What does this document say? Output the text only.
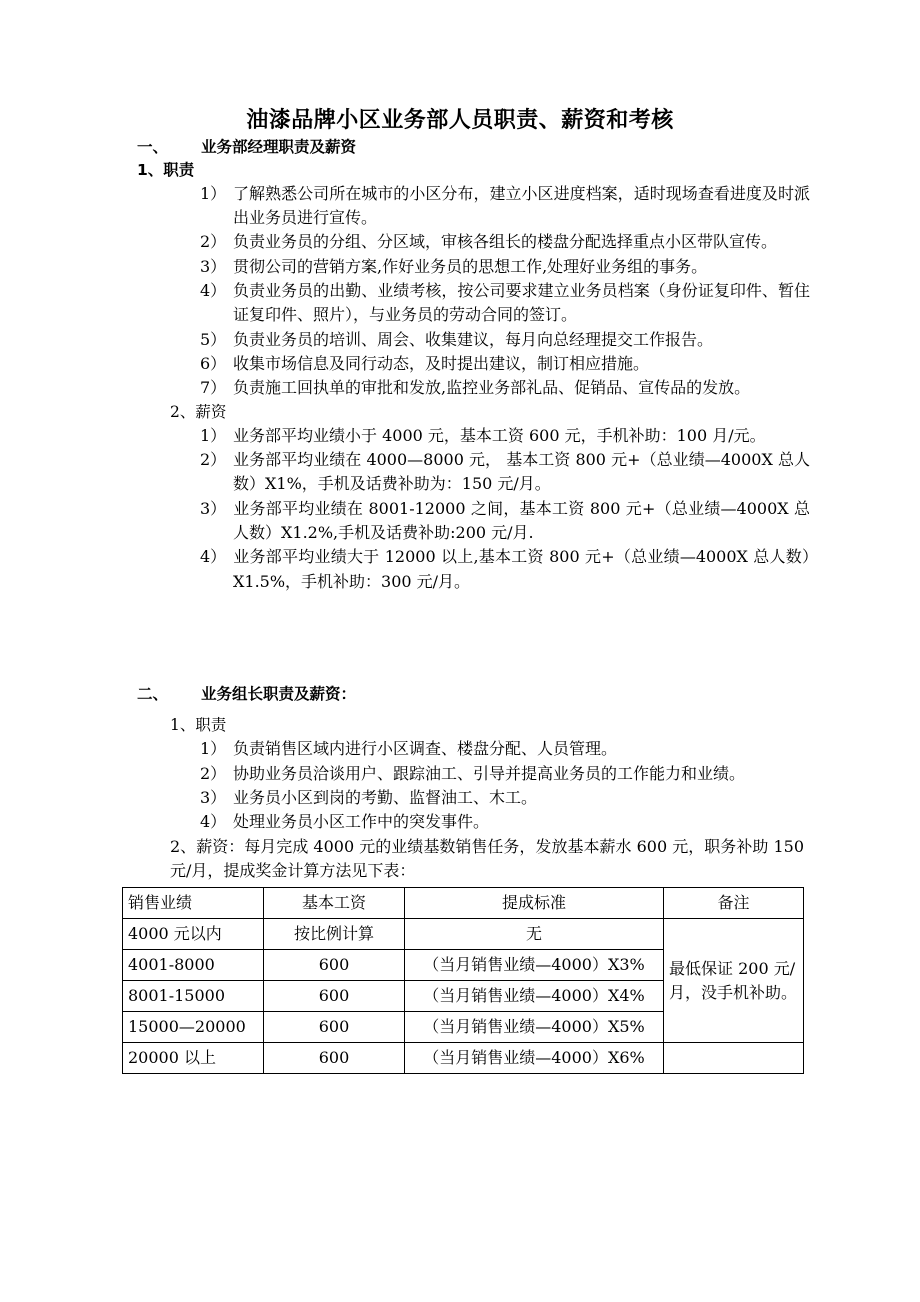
油漆品牌小区业务部人员职责、薪资和考核
一、 业务部经理职责及薪资
1、职责
1） 了解熟悉公司所在城市的小区分布，建立小区进度档案，适时现场查看进度及时派出业务员进行宣传。
2） 负责业务员的分组、分区域，审核各组长的楼盘分配选择重点小区带队宣传。
3） 贯彻公司的营销方案,作好业务员的思想工作,处理好业务组的事务。
4） 负责业务员的出勤、业绩考核，按公司要求建立业务员档案（身份证复印件、暂住证复印件、照片），与业务员的劳动合同的签订。
5） 负责业务员的培训、周会、收集建议，每月向总经理提交工作报告。
6） 收集市场信息及同行动态，及时提出建议，制订相应措施。
7） 负责施工回执单的审批和发放,监控业务部礼品、促销品、宣传品的发放。
2、薪资
1） 业务部平均业绩小于 4000 元，基本工资 600 元，手机补助：100 月/元。
2） 业务部平均业绩在 4000—8000 元， 基本工资 800 元+（总业绩—4000X 总人数）X1%，手机及话费补助为：150 元/月。
3） 业务部平均业绩在 8001-12000 之间，基本工资 800 元+（总业绩—4000X 总人数）X1.2%,手机及话费补助:200 元/月.
4） 业务部平均业绩大于 12000 以上,基本工资 800 元+（总业绩—4000X 总人数）X1.5%，手机补助：300 元/月。
二、 业务组长职责及薪资：
1、职责
1） 负责销售区域内进行小区调查、楼盘分配、人员管理。
2） 协助业务员洽谈用户、跟踪油工、引导并提高业务员的工作能力和业绩。
3） 业务员小区到岗的考勤、监督油工、木工。
4） 处理业务员小区工作中的突发事件。
2、薪资：每月完成 4000 元的业绩基数销售任务，发放基本薪水 600 元，职务补助 150 元/月，提成奖金计算方法见下表：
销售业绩	基本工资	提成标准	备注
4000 元以内	按比例计算	无	最低保证 200 元/月，没手机补助。
4001-8000	600	（当月销售业绩—4000）X3%	
8001-15000	600	（当月销售业绩—4000）X4%	
15000—20000	600	（当月销售业绩—4000）X5%	
20000 以上	600	（当月销售业绩—4000）X6%	
